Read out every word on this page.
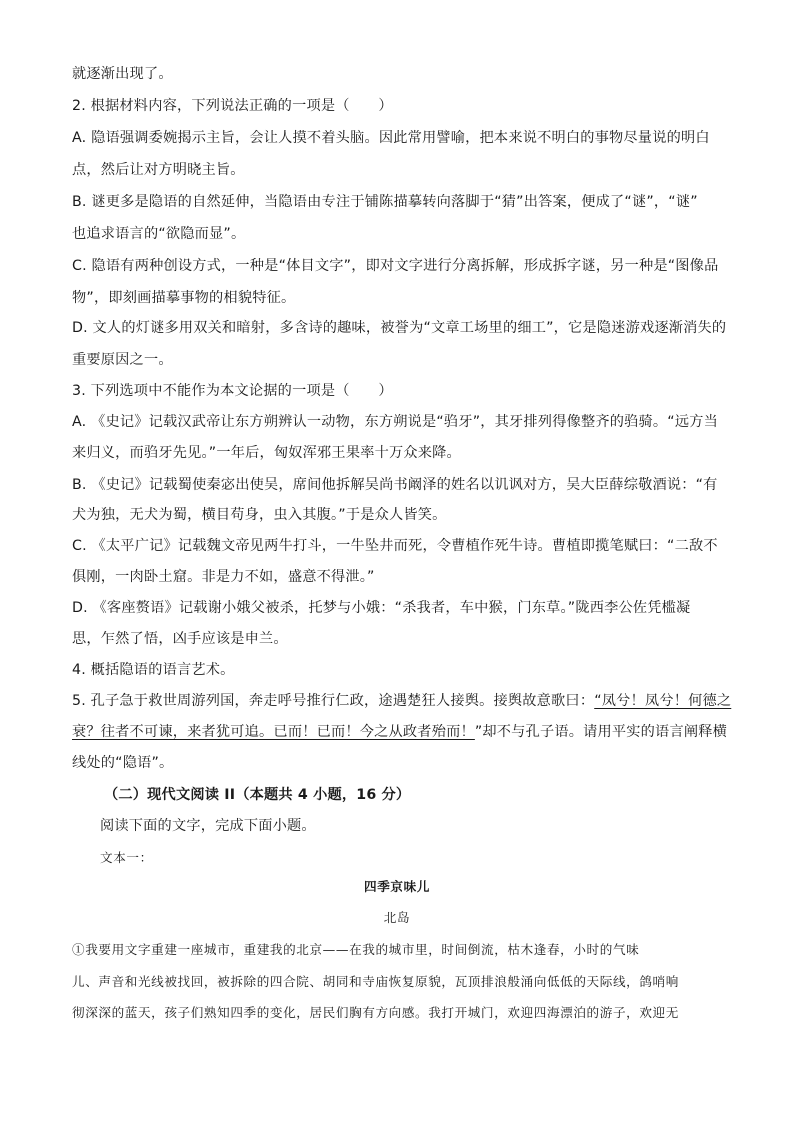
就逐渐出现了。
2. 根据材料内容，下列说法正确的一项是（　　）
A. 隐语强调委婉揭示主旨，会让人摸不着头脑。因此常用譬喻，把本来说不明白的事物尽量说的明白
点，然后让对方明晓主旨。
B. 谜更多是隐语的自然延伸，当隐语由专注于铺陈描摹转向落脚于“猜”出答案，便成了“谜”，“谜”
也追求语言的“欲隐而显”。
C. 隐语有两种创设方式，一种是“体目文字”，即对文字进行分离拆解，形成拆字谜，另一种是“图像品
物”，即刻画描摹事物的相貌特征。
D. 文人的灯谜多用双关和暗射，多含诗的趣味，被誉为“文章工场里的细工”，它是隐迷游戏逐渐消失的
重要原因之一。
3. 下列选项中不能作为本文论据的一项是（　　）
A. 《史记》记载汉武帝让东方朔辨认一动物，东方朔说是“驺牙”，其牙排列得像整齐的驺骑。“远方当
来归义，而驺牙先见。”一年后，匈奴浑邪王果率十万众来降。
B. 《史记》记载蜀使秦宓出使吴，席间他拆解吴尚书阚泽的姓名以讥讽对方，吴大臣薛综敬酒说：“有
犬为独，无犬为蜀，横目苟身，虫入其腹。”于是众人皆笑。
C. 《太平广记》记载魏文帝见两牛打斗，一牛坠井而死，令曹植作死牛诗。曹植即揽笔赋曰：“二敌不
俱刚，一肉卧土窟。非是力不如，盛意不得泄。”
D. 《客座赘语》记载谢小娥父被杀，托梦与小娥：“杀我者，车中猴，门东草。”陇西李公佐凭槛凝
思，乍然了悟，凶手应该是申兰。
4. 概括隐语的语言艺术。
5. 孔子急于救世周游列国，奔走呼号推行仁政，途遇楚狂人接舆。接舆故意歌曰：“凤兮！凤兮！何德之
衰？往者不可谏，来者犹可追。已而！已而！今之从政者殆而！”却不与孔子语。请用平实的语言阐释横
线处的“隐语”。
（二）现代文阅读 II（本题共 4 小题，16 分）
阅读下面的文字，完成下面小题。
文本一：
四季京味儿
北岛
①我要用文字重建一座城市，重建我的北京——在我的城市里，时间倒流，枯木逢春，小时的气味
儿、声音和光线被找回，被拆除的四合院、胡同和寺庙恢复原貌，瓦顶排浪般涌向低低的天际线，鸽哨响
彻深深的蓝天，孩子们熟知四季的变化，居民们胸有方向感。我打开城门，欢迎四海漂泊的游子，欢迎无
